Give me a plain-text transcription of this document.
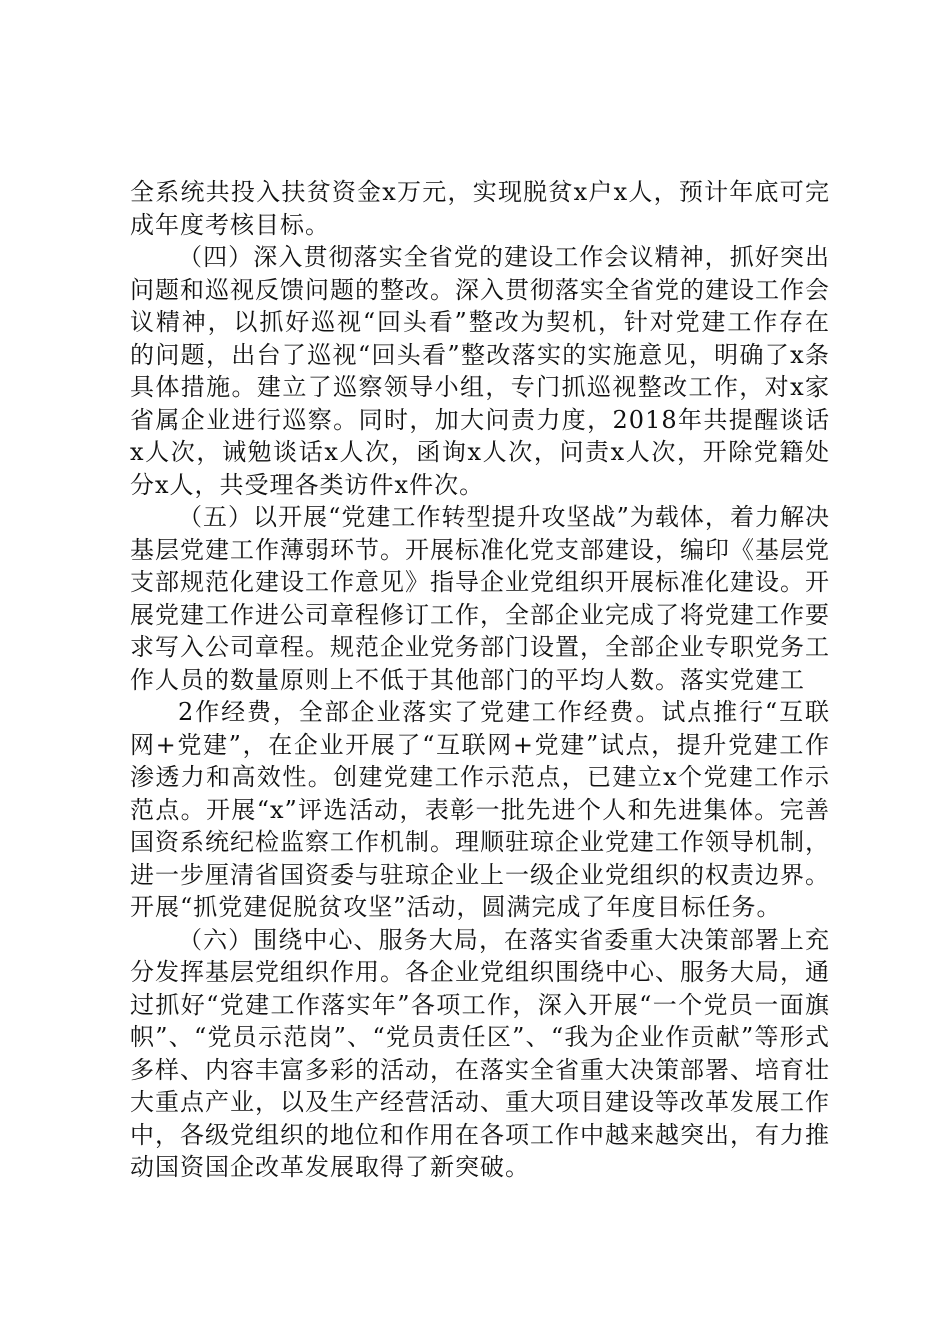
全系统共投入扶贫资金x万元，实现脱贫x户x人，预计年底可完成年度考核目标。

（四）深入贯彻落实全省党的建设工作会议精神，抓好突出问题和巡视反馈问题的整改。深入贯彻落实全省党的建设工作会议精神，以抓好巡视“回头看”整改为契机，针对党建工作存在的问题，出台了巡视“回头看”整改落实的实施意见，明确了x条具体措施。建立了巡察领导小组，专门抓巡视整改工作，对x家省属企业进行巡察。同时，加大问责力度，2018年共提醒谈话x人次，诫勉谈话x人次，函询x人次，问责x人次，开除党籍处分x人，共受理各类访件x件次。

（五）以开展“党建工作转型提升攻坚战”为载体，着力解决基层党建工作薄弱环节。开展标准化党支部建设，编印《基层党支部规范化建设工作意见》指导企业党组织开展标准化建设。开展党建工作进公司章程修订工作，全部企业完成了将党建工作要求写入公司章程。规范企业党务部门设置，全部企业专职党务工作人员的数量原则上不低于其他部门的平均人数。落实党建工

2作经费，全部企业落实了党建工作经费。试点推行“互联网+党建”，在企业开展了“互联网+党建”试点，提升党建工作渗透力和高效性。创建党建工作示范点，已建立x个党建工作示范点。开展“x”评选活动，表彰一批先进个人和先进集体。完善国资系统纪检监察工作机制。理顺驻琼企业党建工作领导机制，进一步厘清省国资委与驻琼企业上一级企业党组织的权责边界。开展“抓党建促脱贫攻坚”活动，圆满完成了年度目标任务。

（六）围绕中心、服务大局，在落实省委重大决策部署上充分发挥基层党组织作用。各企业党组织围绕中心、服务大局，通过抓好“党建工作落实年”各项工作，深入开展“一个党员一面旗帜”、“党员示范岗”、“党员责任区”、“我为企业作贡献”等形式多样、内容丰富多彩的活动，在落实全省重大决策部署、培育壮大重点产业，以及生产经营活动、重大项目建设等改革发展工作中，各级党组织的地位和作用在各项工作中越来越突出，有力推动国资国企改革发展取得了新突破。
